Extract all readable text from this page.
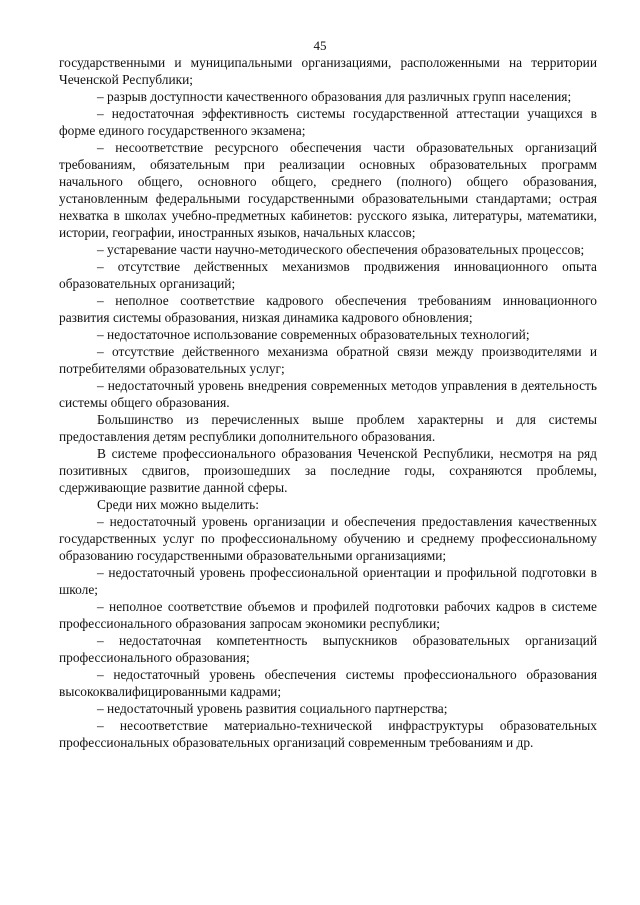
45

государственными и муниципальными организациями, расположенными на территории Чеченской Республики;

– разрыв доступности качественного образования для различных групп населения;

– недостаточная эффективность системы государственной аттестации учащихся в форме единого государственного экзамена;

– несоответствие ресурсного обеспечения части образовательных организаций требованиям, обязательным при реализации основных образовательных программ начального общего, основного общего, среднего (полного) общего образования, установленным федеральными государственными образовательными стандартами; острая нехватка в школах учебно-предметных кабинетов: русского языка, литературы, математики, истории, географии, иностранных языков, начальных классов;

– устаревание части научно-методического обеспечения образовательных процессов;

– отсутствие действенных механизмов продвижения инновационного опыта образовательных организаций;

– неполное соответствие кадрового обеспечения требованиям инновационного развития системы образования, низкая динамика кадрового обновления;

– недостаточное использование современных образовательных технологий;

– отсутствие действенного механизма обратной связи между производителями и потребителями образовательных услуг;

– недостаточный уровень внедрения современных методов управления в деятельность системы общего образования.

Большинство из перечисленных выше проблем характерны и для системы предоставления детям республики дополнительного образования.

В системе профессионального образования Чеченской Республики, несмотря на ряд позитивных сдвигов, произошедших за последние годы, сохраняются проблемы, сдерживающие развитие данной сферы.

Среди них можно выделить:

– недостаточный уровень организации и обеспечения предоставления качественных государственных услуг по профессиональному обучению и среднему профессиональному образованию государственными образовательными организациями;

– недостаточный уровень профессиональной ориентации и профильной подготовки в школе;

– неполное соответствие объемов и профилей подготовки рабочих кадров в системе профессионального образования запросам экономики республики;

– недостаточная компетентность выпускников образовательных организаций профессионального образования;

– недостаточный уровень обеспечения системы профессионального образования высококвалифицированными кадрами;

– недостаточный уровень развития социального партнерства;

– несоответствие материально-технической инфраструктуры образовательных профессиональных образовательных организаций современным требованиям и др.
